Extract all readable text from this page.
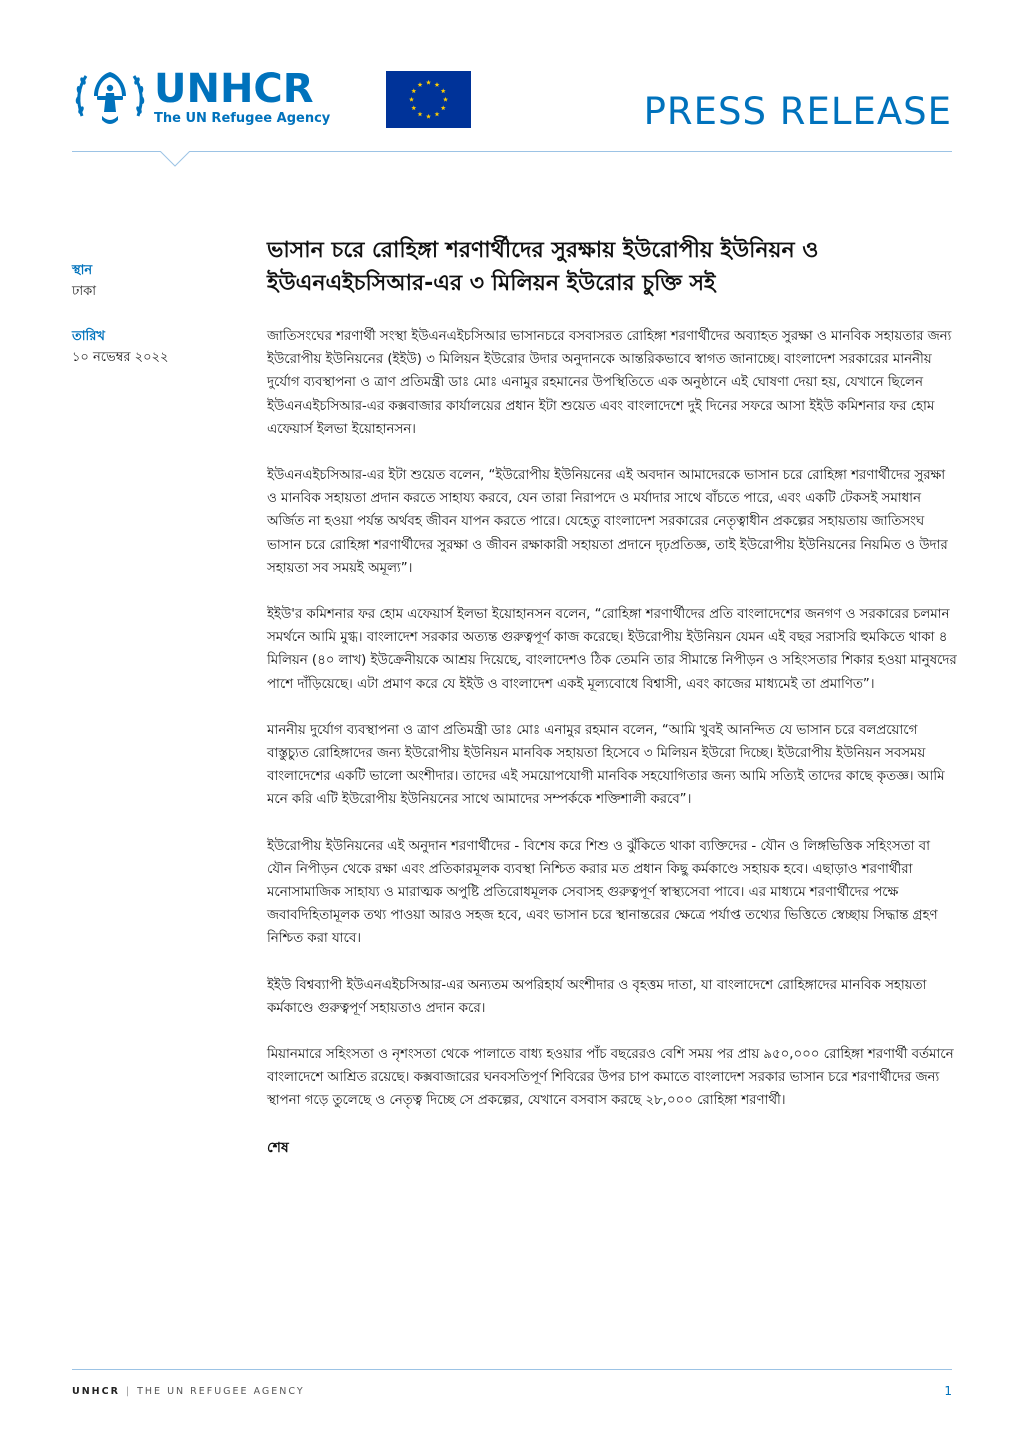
UNHCR
The UN Refugee Agency	PRESS RELEASE
স্থান
ঢাকা
তারিখ
১০ নভেম্বর ২০২২
ভাসান চরে রোহিঙ্গা শরণার্থীদের সুরক্ষায় ইউরোপীয় ইউনিয়ন ও ইউএনএইচসিআর-এর ৩ মিলিয়ন ইউরোর চুক্তি সই

জাতিসংঘের শরণার্থী সংস্থা ইউএনএইচসিআর ভাসানচরে বসবাসরত রোহিঙ্গা শরণার্থীদের অব্যাহত সুরক্ষা ও মানবিক সহায়তার জন্য ইউরোপীয় ইউনিয়নের (ইইউ) ৩ মিলিয়ন ইউরোর উদার অনুদানকে আন্তরিকভাবে স্বাগত জানাচ্ছে। বাংলাদেশ সরকারের মাননীয় দুর্যোগ ব্যবস্থাপনা ও ত্রাণ প্রতিমন্ত্রী ডাঃ মোঃ এনামুর রহমানের উপস্থিতিতে এক অনুষ্ঠানে এই ঘোষণা দেয়া হয়, যেখানে ছিলেন ইউএনএইচসিআর-এর কক্সবাজার কার্যালয়ের প্রধান ইটা শুয়েত এবং বাংলাদেশে দুই দিনের সফরে আসা ইইউ কমিশনার ফর হোম এফেয়ার্স ইলভা ইয়োহানসন।

ইউএনএইচসিআর-এর ইটা শুয়েত বলেন, “ইউরোপীয় ইউনিয়নের এই অবদান আমাদেরকে ভাসান চরে রোহিঙ্গা শরণার্থীদের সুরক্ষা ও মানবিক সহায়তা প্রদান করতে সাহায্য করবে, যেন তারা নিরাপদে ও মর্যাদার সাথে বাঁচতে পারে, এবং একটি টেকসই সমাধান অর্জিত না হওয়া পর্যন্ত অর্থবহ জীবন যাপন করতে পারে। যেহেতু বাংলাদেশ সরকারের নেতৃত্বাধীন প্রকল্পের সহায়তায় জাতিসংঘ ভাসান চরে রোহিঙ্গা শরণার্থীদের সুরক্ষা ও জীবন রক্ষাকারী সহায়তা প্রদানে দৃঢ়প্রতিজ্ঞ, তাই ইউরোপীয় ইউনিয়নের নিয়মিত ও উদার সহায়তা সব সময়ই অমূল্য”।

ইইউ'র কমিশনার ফর হোম এফেয়ার্স ইলভা ইয়োহানসন বলেন, “রোহিঙ্গা শরণার্থীদের প্রতি বাংলাদেশের জনগণ ও সরকারের চলমান সমর্থনে আমি মুগ্ধ। বাংলাদেশ সরকার অত্যন্ত গুরুত্বপূর্ণ কাজ করেছে। ইউরোপীয় ইউনিয়ন যেমন এই বছর সরাসরি হুমকিতে থাকা ৪ মিলিয়ন (৪০ লাখ) ইউক্রেনীয়কে আশ্রয় দিয়েছে, বাংলাদেশও ঠিক তেমনি তার সীমান্তে নিপীড়ন ও সহিংসতার শিকার হওয়া মানুষদের পাশে দাঁড়িয়েছে। এটা প্রমাণ করে যে ইইউ ও বাংলাদেশ একই মূল্যবোধে বিশ্বাসী, এবং কাজের মাধ্যমেই তা প্রমাণিত”।

মাননীয় দুর্যোগ ব্যবস্থাপনা ও ত্রাণ প্রতিমন্ত্রী ডাঃ মোঃ এনামুর রহমান বলেন, “আমি খুবই আনন্দিত যে ভাসান চরে বলপ্রয়োগে বাস্তুচ্যুত রোহিঙ্গাদের জন্য ইউরোপীয় ইউনিয়ন মানবিক সহায়তা হিসেবে ৩ মিলিয়ন ইউরো দিচ্ছে। ইউরোপীয় ইউনিয়ন সবসময় বাংলাদেশের একটি ভালো অংশীদার। তাদের এই সময়োপযোগী মানবিক সহযোগিতার জন্য আমি সত্যিই তাদের কাছে কৃতজ্ঞ। আমি মনে করি এটি ইউরোপীয় ইউনিয়নের সাথে আমাদের সম্পর্ককে শক্তিশালী করবে”।

ইউরোপীয় ইউনিয়নের এই অনুদান শরণার্থীদের - বিশেষ করে শিশু ও ঝুঁকিতে থাকা ব্যক্তিদের - যৌন ও লিঙ্গভিত্তিক সহিংসতা বা যৌন নিপীড়ন থেকে রক্ষা এবং প্রতিকারমূলক ব্যবস্থা নিশ্চিত করার মত প্রধান কিছু কর্মকাণ্ডে সহায়ক হবে। এছাড়াও শরণার্থীরা মনোসামাজিক সাহায্য ও মারাত্মক অপুষ্টি প্রতিরোধমূলক সেবাসহ গুরুত্বপূর্ণ স্বাস্থ্যসেবা পাবে। এর মাধ্যমে শরণার্থীদের পক্ষে জবাবদিহিতামূলক তথ্য পাওয়া আরও সহজ হবে, এবং ভাসান চরে স্থানান্তরের ক্ষেত্রে পর্যাপ্ত তথ্যের ভিত্তিতে স্বেচ্ছায় সিদ্ধান্ত গ্রহণ নিশ্চিত করা যাবে।

ইইউ বিশ্বব্যাপী ইউএনএইচসিআর-এর অন্যতম অপরিহার্য অংশীদার ও বৃহত্তম দাতা, যা বাংলাদেশে রোহিঙ্গাদের মানবিক সহায়তা কর্মকাণ্ডে গুরুত্বপূর্ণ সহায়তাও প্রদান করে।

মিয়ানমারে সহিংসতা ও নৃশংসতা থেকে পালাতে বাধ্য হওয়ার পাঁচ বছরেরও বেশি সময় পর প্রায় ৯৫০,০০০ রোহিঙ্গা শরণার্থী বর্তমানে বাংলাদেশে আশ্রিত রয়েছে। কক্সবাজারের ঘনবসতিপূর্ণ শিবিরের উপর চাপ কমাতে বাংলাদেশ সরকার ভাসান চরে শরণার্থীদের জন্য স্থাপনা গড়ে তুলেছে ও নেতৃত্ব দিচ্ছে সে প্রকল্পের, যেখানে বসবাস করছে ২৮,০০০ রোহিঙ্গা শরণার্থী।

শেষ
UNHCR | THE UN REFUGEE AGENCY	1
